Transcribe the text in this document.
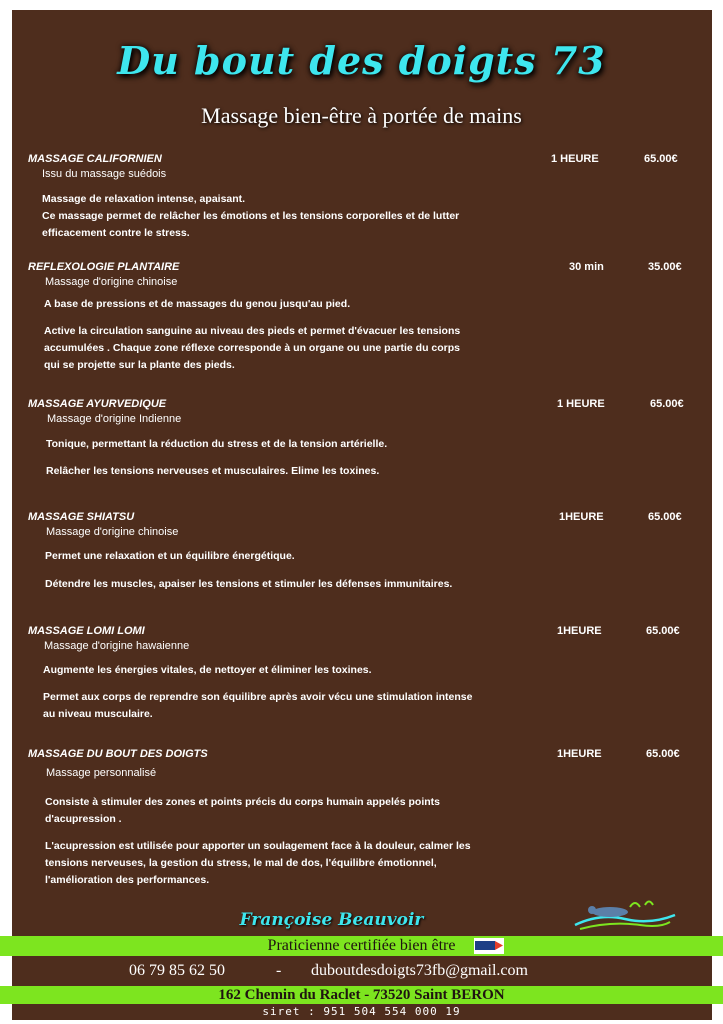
Du bout des doigts 73
Massage bien-être à portée de mains
MASSAGE CALIFORNIEN	1 HEURE	65.00€
Issu du massage suédois
Massage de relaxation intense, apaisant.
Ce massage permet de relâcher les émotions et les tensions corporelles et de lutter
efficacement contre le stress.
REFLEXOLOGIE PLANTAIRE	30 min	35.00€
Massage d'origine chinoise
A base de pressions et de massages du genou jusqu'au pied.
Active la circulation sanguine au niveau des pieds et permet d'évacuer les tensions
accumulées . Chaque zone réflexe corresponde à un organe ou une partie du corps
qui se projette sur la plante des pieds.
MASSAGE AYURVEDIQUE	1 HEURE	65.00€
Massage d'origine Indienne
Tonique, permettant la réduction du stress et de la tension artérielle.
Relâcher les tensions nerveuses et musculaires. Elime les toxines.
MASSAGE SHIATSU	1HEURE	65.00€
Massage d'origine chinoise
Permet une relaxation et un équilibre énergétique.
Détendre les muscles, apaiser les tensions et stimuler les défenses immunitaires.
MASSAGE LOMI LOMI	1HEURE	65.00€
Massage d'origine hawaienne
Augmente les énergies vitales, de nettoyer et éliminer les toxines.
Permet aux corps de reprendre son équilibre après avoir vécu une stimulation intense
au niveau musculaire.
MASSAGE DU BOUT DES DOIGTS	1HEURE	65.00€
Massage personnalisé
Consiste à stimuler des zones et points précis du corps humain appelés points
d'acupression .
L'acupression est utilisée pour apporter un soulagement face à la douleur, calmer les
tensions nerveuses, la gestion du stress, le mal de dos, l'équilibre émotionnel,
l'amélioration des performances.
Françoise Beauvoir
Praticienne certifiée bien être
06 79 85 62 50	- duboutdesdoigts73fb@gmail.com
162 Chemin du Raclet - 73520 Saint BERON
siret : 951 504 554 000 19
